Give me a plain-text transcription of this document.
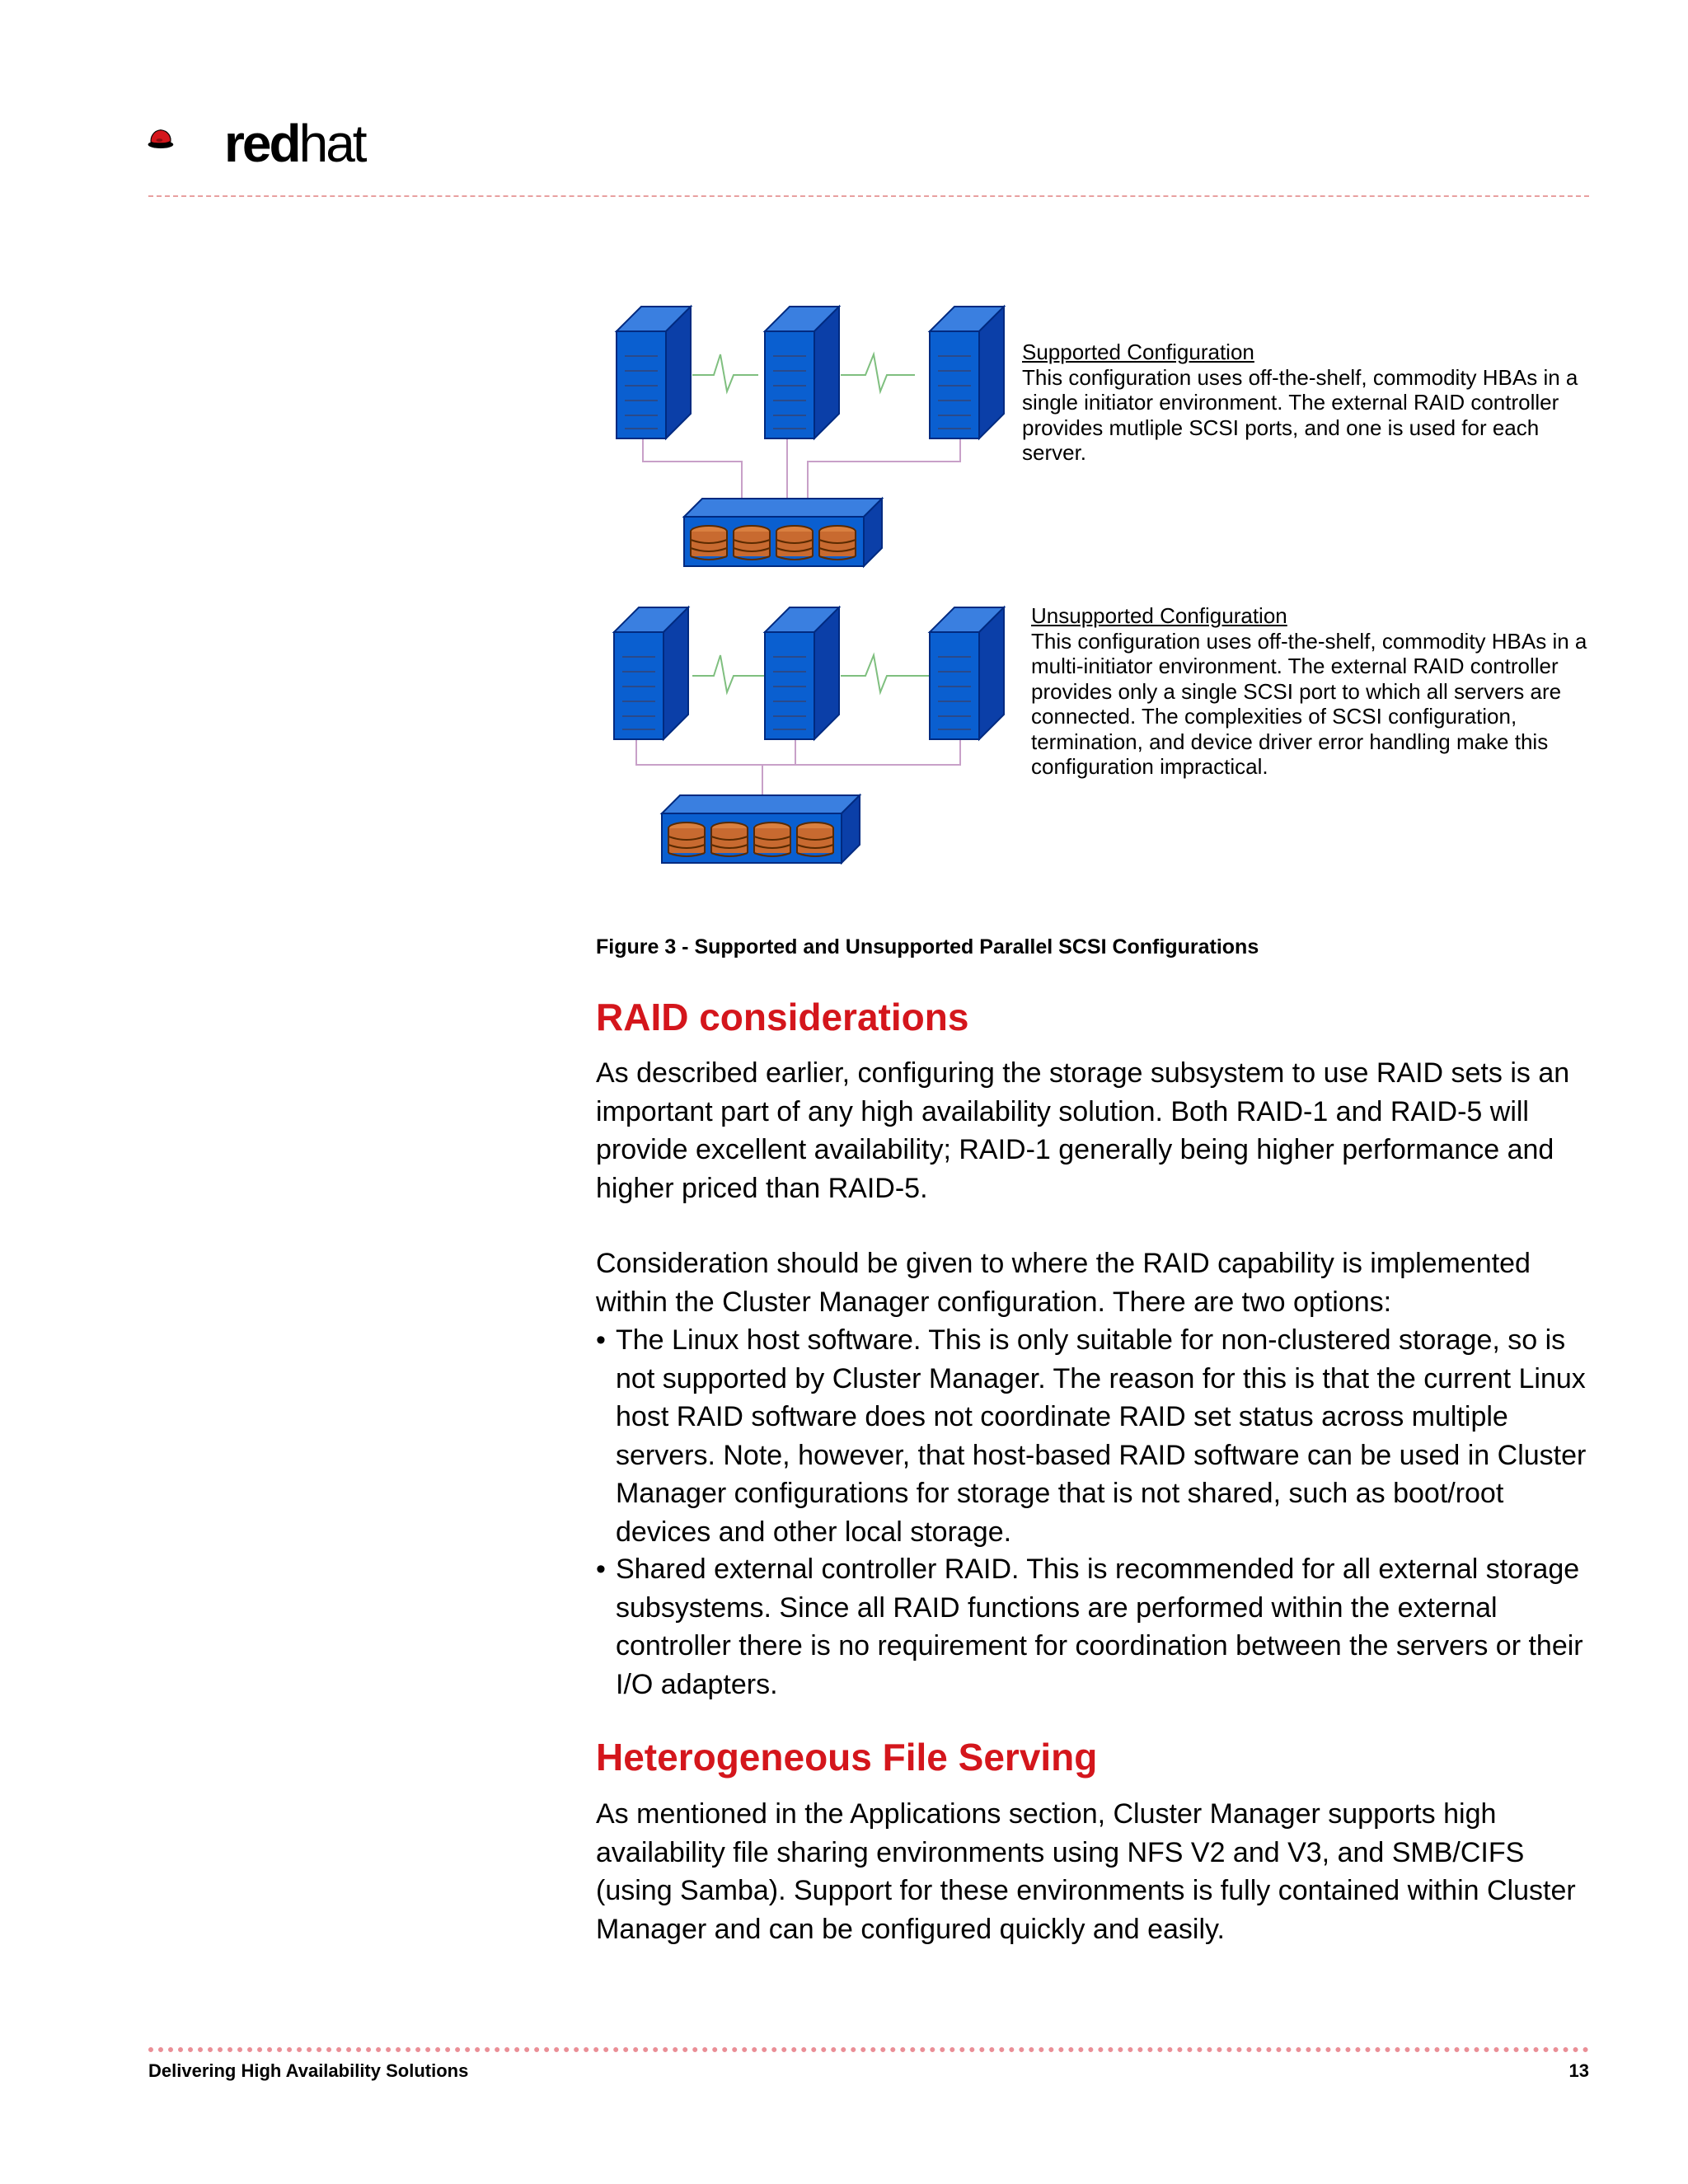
redhat
Supported Configuration
This configuration uses off-the-shelf, commodity HBAs in a single initiator environment. The external RAID controller provides mutliple SCSI ports, and one is used for each server.
Unsupported Configuration
This configuration uses off-the-shelf, commodity HBAs in a multi-initiator environment. The external RAID controller provides only a single SCSI port to which all servers are connected. The complexities of SCSI configuration, termination, and device driver error handling make this configuration impractical.
Figure 3 - Supported and Unsupported Parallel SCSI Configurations
RAID considerations

As described earlier, configuring the storage subsystem to use RAID sets is an important part of any high availability solution. Both RAID-1 and RAID-5 will provide excellent availability; RAID-1 generally being higher performance and higher priced than RAID-5.

Consideration should be given to where the RAID capability is implemented within the Cluster Manager configuration. There are two options:

• The Linux host software. This is only suitable for non-clustered storage, so is not supported by Cluster Manager. The reason for this is that the current Linux host RAID software does not coordinate RAID set status across multiple servers. Note, however, that host-based RAID software can be used in Cluster Manager configurations for storage that is not shared, such as boot/root devices and other local storage.
• Shared external controller RAID. This is recommended for all external storage subsystems. Since all RAID functions are performed within the external controller there is no requirement for coordination between the servers or their I/O adapters.
Heterogeneous File Serving

As mentioned in the Applications section, Cluster Manager supports high availability file sharing environments using NFS V2 and V3, and SMB/CIFS (using Samba). Support for these environments is fully contained within Cluster Manager and can be configured quickly and easily.

Delivering High Availability Solutions	13
